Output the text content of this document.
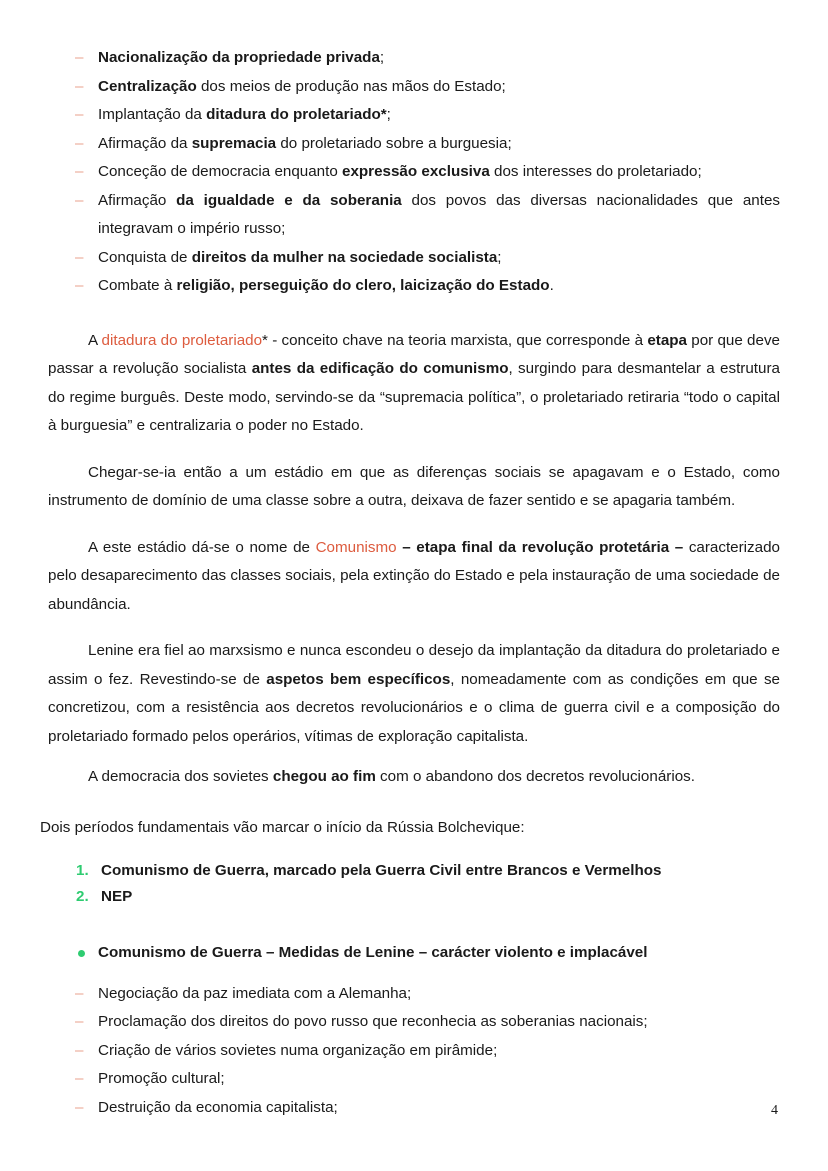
– Nacionalização da propriedade privada;
– Centralização dos meios de produção nas mãos do Estado;
– Implantação da ditadura do proletariado*;
– Afirmação da supremacia do proletariado sobre a burguesia;
– Conceção de democracia enquanto expressão exclusiva dos interesses do proletariado;
– Afirmação da igualdade e da soberania dos povos das diversas nacionalidades que antes integravam o império russo;
– Conquista de direitos da mulher na sociedade socialista;
– Combate à religião, perseguição do clero, laicização do Estado.

A ditadura do proletariado* - conceito chave na teoria marxista, que corresponde à etapa por que deve passar a revolução socialista antes da edificação do comunismo, surgindo para desmantelar a estrutura do regime burguês. Deste modo, servindo-se da “supremacia política”, o proletariado retiraria “todo o capital à burguesia” e centralizaria o poder no Estado.

Chegar-se-ia então a um estádio em que as diferenças sociais se apagavam e o Estado, como instrumento de domínio de uma classe sobre a outra, deixava de fazer sentido e se apagaria também.

A este estádio dá-se o nome de Comunismo – etapa final da revolução protetária – caracterizado pelo desaparecimento das classes sociais, pela extinção do Estado e pela instauração de uma sociedade de abundância.

Lenine era fiel ao marxsismo e nunca escondeu o desejo da implantação da ditadura do proletariado e assim o fez. Revestindo-se de aspetos bem específicos, nomeadamente com as condições em que se concretizou, com a resistência aos decretos revolucionários e o clima de guerra civil e a composição do proletariado formado pelos operários, vítimas de exploração capitalista.

A democracia dos sovietes chegou ao fim com o abandono dos decretos revolucionários.

Dois períodos fundamentais vão marcar o início da Rússia Bolchevique:

1. Comunismo de Guerra, marcado pela Guerra Civil entre Brancos e Vermelhos
2. NEP
Comunismo de Guerra – Medidas de Lenine – carácter violento e implacável
– Negociação da paz imediata com a Alemanha;
– Proclamação dos direitos do povo russo que reconhecia as soberanias nacionais;
– Criação de vários sovietes numa organização em pirâmide;
– Promoção cultural;
– Destruição da economia capitalista;	4
